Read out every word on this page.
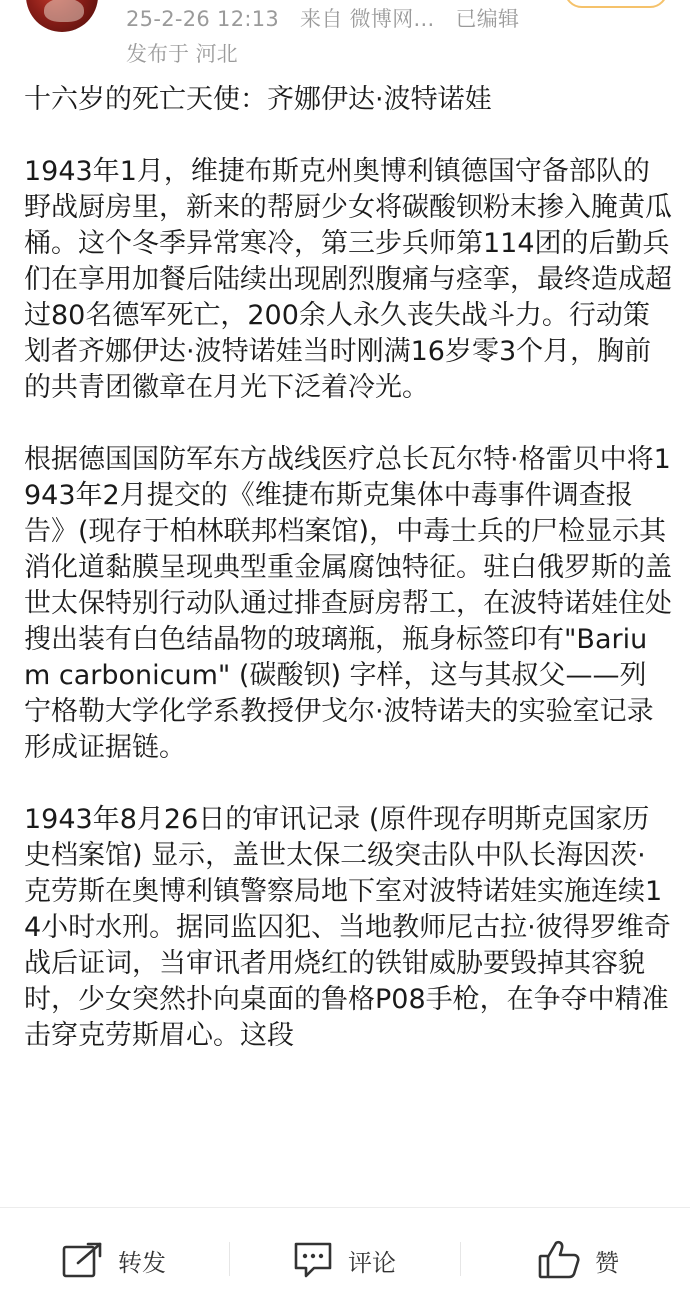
25-2-26 12:13 来自 微博网... 已编辑
发布于 河北

十六岁的死亡天使：齐娜伊达·波特诺娃

1943年1月，维捷布斯克州奥博利镇德国守备部队的野战厨房里，新来的帮厨少女将碳酸钡粉末掺入腌黄瓜桶。这个冬季异常寒冷，第三步兵师第114团的后勤兵们在享用加餐后陆续出现剧烈腹痛与痉挛，最终造成超过80名德军死亡，200余人永久丧失战斗力。行动策划者齐娜伊达·波特诺娃当时刚满16岁零3个月，胸前的共青团徽章在月光下泛着冷光。

根据德国国防军东方战线医疗总长瓦尔特·格雷贝中将1943年2月提交的《维捷布斯克集体中毒事件调查报告》(现存于柏林联邦档案馆)，中毒士兵的尸检显示其消化道黏膜呈现典型重金属腐蚀特征。驻白俄罗斯的盖世太保特别行动队通过排查厨房帮工，在波特诺娃住处搜出装有白色结晶物的玻璃瓶，瓶身标签印有"Barium carbonicum" (碳酸钡) 字样，这与其叔父——列宁格勒大学化学系教授伊戈尔·波特诺夫的实验室记录形成证据链。

1943年8月26日的审讯记录 (原件现存明斯克国家历史档案馆) 显示，盖世太保二级突击队中队长海因茨·克劳斯在奥博利镇警察局地下室对波特诺娃实施连续14小时水刑。据同监囚犯、当地教师尼古拉·彼得罗维奇战后证词，当审讯者用烧红的铁钳威胁要毁掉其容貌时，少女突然扑向桌面的鲁格P08手枪，在争夺中精准击穿克劳斯眉心。这段

转发	评论	赞
